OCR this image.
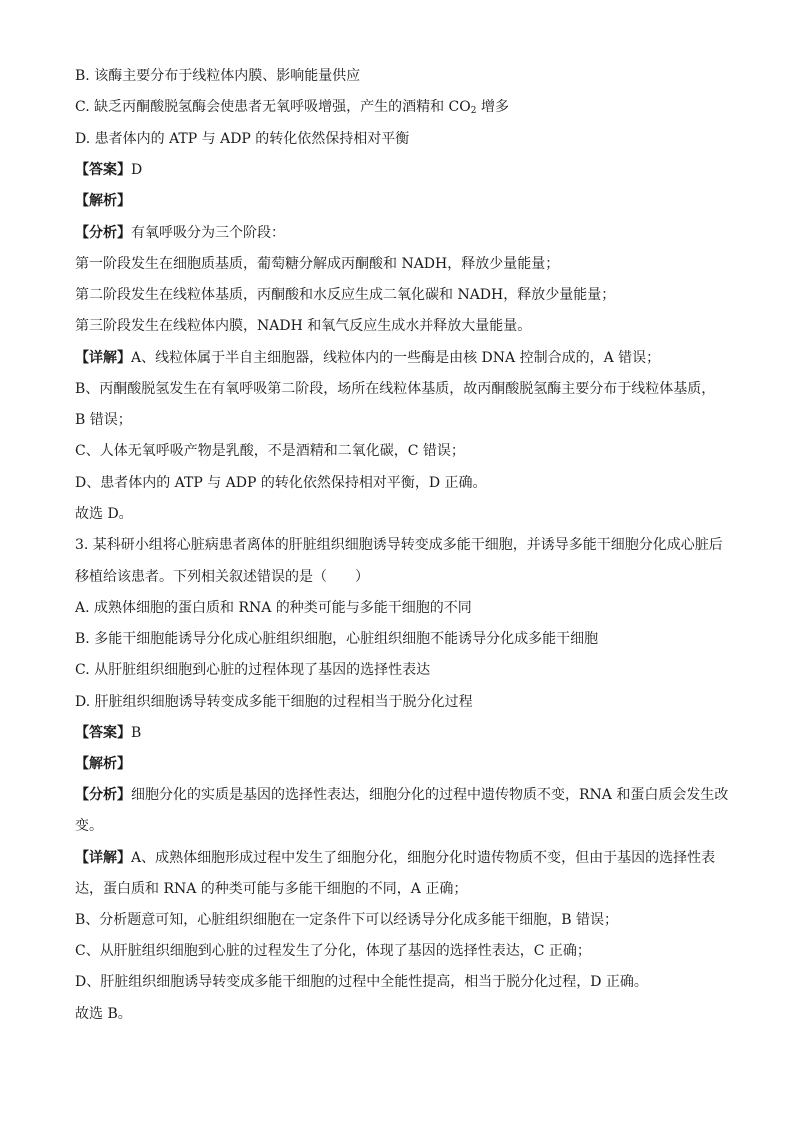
B. 该酶主要分布于线粒体内膜、影响能量供应
C. 缺乏丙酮酸脱氢酶会使患者无氧呼吸增强，产生的酒精和 $CO_2$ 增多
D. 患者体内的 ATP 与 ADP 的转化依然保持相对平衡
【答案】D
【解析】
【分析】有氧呼吸分为三个阶段：
第一阶段发生在细胞质基质，葡萄糖分解成丙酮酸和 NADH，释放少量能量；
第二阶段发生在线粒体基质，丙酮酸和水反应生成二氧化碳和 NADH，释放少量能量；
第三阶段发生在线粒体内膜，NADH 和氧气反应生成水并释放大量能量。
【详解】A、线粒体属于半自主细胞器，线粒体内的一些酶是由核 DNA 控制合成的，A 错误；
B、丙酮酸脱氢发生在有氧呼吸第二阶段，场所在线粒体基质，故丙酮酸脱氢酶主要分布于线粒体基质，
B 错误；
C、人体无氧呼吸产物是乳酸，不是酒精和二氧化碳，C 错误；
D、患者体内的 ATP 与 ADP 的转化依然保持相对平衡，D 正确。
故选 D。
3. 某科研小组将心脏病患者离体的肝脏组织细胞诱导转变成多能干细胞，并诱导多能干细胞分化成心脏后
移植给该患者。下列相关叙述错误的是（　　）
A. 成熟体细胞的蛋白质和 RNA 的种类可能与多能干细胞的不同
B. 多能干细胞能诱导分化成心脏组织细胞，心脏组织细胞不能诱导分化成多能干细胞
C. 从肝脏组织细胞到心脏的过程体现了基因的选择性表达
D. 肝脏组织细胞诱导转变成多能干细胞的过程相当于脱分化过程
【答案】B
【解析】
【分析】细胞分化的实质是基因的选择性表达，细胞分化的过程中遗传物质不变，RNA 和蛋白质会发生改
变。
【详解】A、成熟体细胞形成过程中发生了细胞分化，细胞分化时遗传物质不变，但由于基因的选择性表
达，蛋白质和 RNA 的种类可能与多能干细胞的不同，A 正确；
B、分析题意可知，心脏组织细胞在一定条件下可以经诱导分化成多能干细胞，B 错误；
C、从肝脏组织细胞到心脏的过程发生了分化，体现了基因的选择性表达，C 正确；
D、肝脏组织细胞诱导转变成多能干细胞的过程中全能性提高，相当于脱分化过程，D 正确。
故选 B。
